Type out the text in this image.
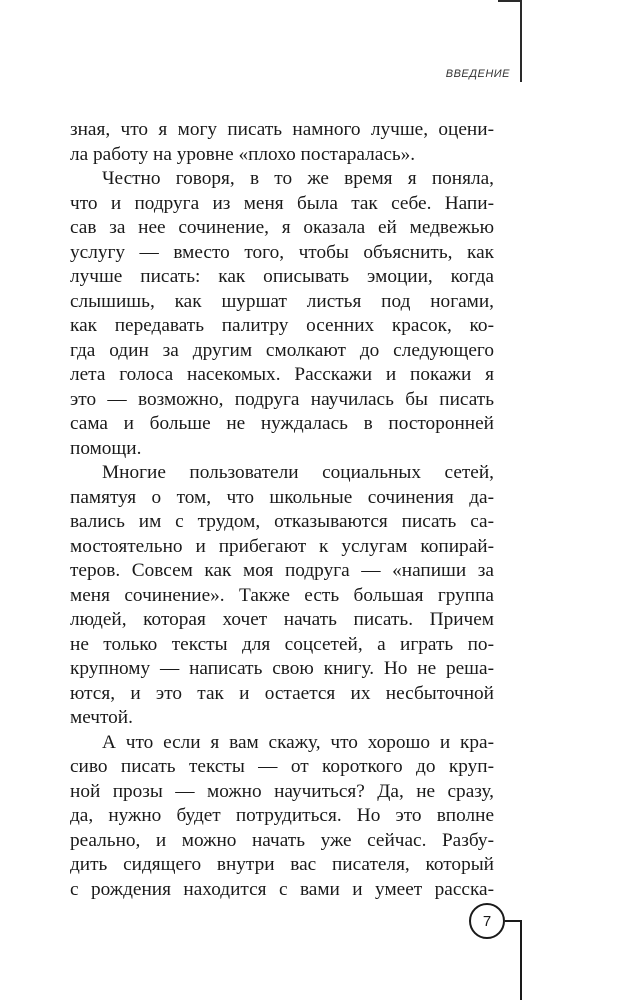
ВВЕДЕНИЕ
зная, что я могу писать намного лучше, оцени-
ла работу на уровне «плохо постаралась».
Честно говоря, в то же время я поняла,
что и подруга из меня была так себе. Напи-
сав за нее сочинение, я оказала ей медвежью
услугу — вместо того, чтобы объяснить, как
лучше писать: как описывать эмоции, когда
слышишь, как шуршат листья под ногами,
как передавать палитру осенних красок, ко-
гда один за другим смолкают до следующего
лета голоса насекомых. Расскажи и покажи я
это — возможно, подруга научилась бы писать
сама и больше не нуждалась в посторонней
помощи.
Многие пользователи социальных сетей,
памятуя о том, что школьные сочинения да-
вались им с трудом, отказываются писать са-
мостоятельно и прибегают к услугам копирай-
теров. Совсем как моя подруга — «напиши за
меня сочинение». Также есть большая группа
людей, которая хочет начать писать. Причем
не только тексты для соцсетей, а играть по-
крупному — написать свою книгу. Но не реша-
ются, и это так и остается их несбыточной
мечтой.
А что если я вам скажу, что хорошо и кра-
сиво писать тексты — от короткого до круп-
ной прозы — можно научиться? Да, не сразу,
да, нужно будет потрудиться. Но это вполне
реально, и можно начать уже сейчас. Разбу-
дить сидящего внутри вас писателя, который
с рождения находится с вами и умеет расска-
7
